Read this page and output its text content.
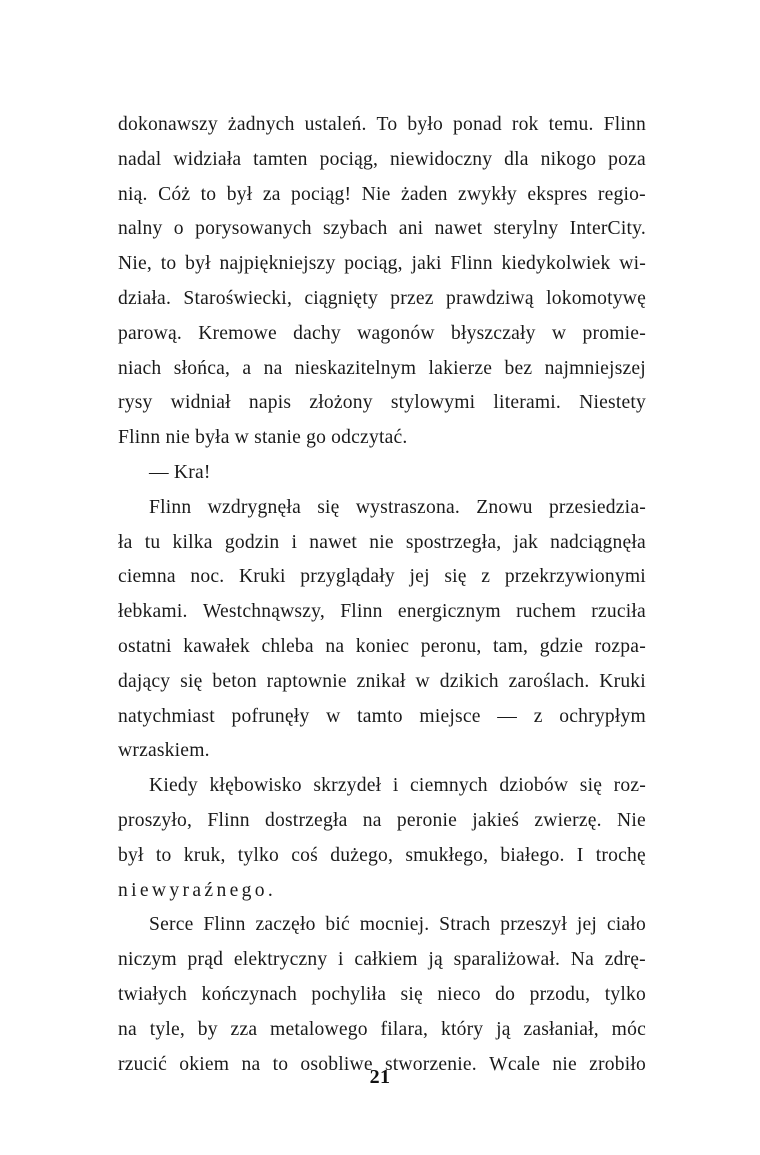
dokonawszy żadnych ustaleń. To było ponad rok temu. Flinn
nadal widziała tamten pociąg, niewidoczny dla nikogo poza
nią. Cóż to był za pociąg! Nie żaden zwykły ekspres regio-
nalny o porysowanych szybach ani nawet sterylny InterCity.
Nie, to był najpiękniejszy pociąg, jaki Flinn kiedykolwiek wi-
działa. Staroświecki, ciągnięty przez prawdziwą lokomotywę
parową. Kremowe dachy wagonów błyszczały w promie-
niach słońca, a na nieskazitelnym lakierze bez najmniejszej
rysy widniał napis złożony stylowymi literami. Niestety
Flinn nie była w stanie go odczytać.

— Kra!

Flinn wzdrygnęła się wystraszona. Znowu przesiedzia-
ła tu kilka godzin i nawet nie spostrzegła, jak nadciągnęła
ciemna noc. Kruki przyglądały jej się z przekrzywionymi
łebkami. Westchnąwszy, Flinn energicznym ruchem rzuciła
ostatni kawałek chleba na koniec peronu, tam, gdzie rozpa-
dający się beton raptownie znikał w dzikich zaroślach. Kruki
natychmiast pofrunęły w tamto miejsce — z ochrypłym
wrzaskiem.

Kiedy kłębowisko skrzydeł i ciemnych dziobów się roz-
proszyło, Flinn dostrzegła na peronie jakieś zwierzę. Nie
był to kruk, tylko coś dużego, smukłego, białego. I trochę
niewyraźnego.

Serce Flinn zaczęło bić mocniej. Strach przeszył jej ciało
niczym prąd elektryczny i całkiem ją sparaliżował. Na zdrę-
twiałych kończynach pochyliła się nieco do przodu, tylko
na tyle, by zza metalowego filara, który ją zasłaniał, móc
rzucić okiem na to osobliwe stworzenie. Wcale nie zrobiło

21
